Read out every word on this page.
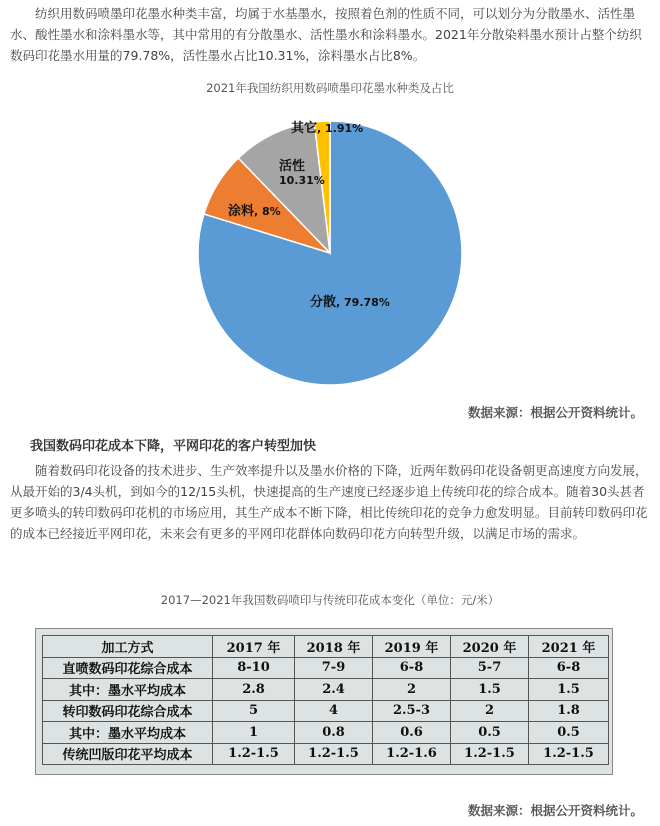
纺织用数码喷墨印花墨水种类丰富，均属于水基墨水，按照着色剂的性质不同，可以划分为分散墨水、活性墨水、酸性墨水和涂料墨水等，其中常用的有分散墨水、活性墨水和涂料墨水。2021年分散染料墨水预计占整个纺织数码印花墨水用量的79.78%，活性墨水占比10.31%，涂料墨水占比8%。

2021年我国纺织用数码喷墨印花墨水种类及占比
分散, 79.78%
涂料, 8%
活性 10.31%
其它, 1.91%
数据来源：根据公开资料统计。
我国数码印花成本下降，平网印花的客户转型加快

随着数码印花设备的技术进步、生产效率提升以及墨水价格的下降，近两年数码印花设备朝更高速度方向发展，从最开始的3/4头机，到如今的12/15头机，快速提高的生产速度已经逐步追上传统印花的综合成本。随着30头甚者更多喷头的转印数码印花机的市场应用，其生产成本不断下降，相比传统印花的竞争力愈发明显。目前转印数码印花的成本已经接近平网印花，未来会有更多的平网印花群体向数码印花方向转型升级，以满足市场的需求。

2017—2021年我国数码喷印与传统印花成本变化（单位：元/米）
加工方式	2017 年	2018 年	2019 年	2020 年	2021 年
直喷数码印花综合成本	8-10	7-9	6-8	5-7	6-8
其中：墨水平均成本	2.8	2.4	2	1.5	1.5
转印数码印花综合成本	5	4	2.5-3	2	1.8
其中：墨水平均成本	1	0.8	0.6	0.5	0.5
传统凹版印花平均成本	1.2-1.5	1.2-1.5	1.2-1.6	1.2-1.5	1.2-1.5
数据来源：根据公开资料统计。
